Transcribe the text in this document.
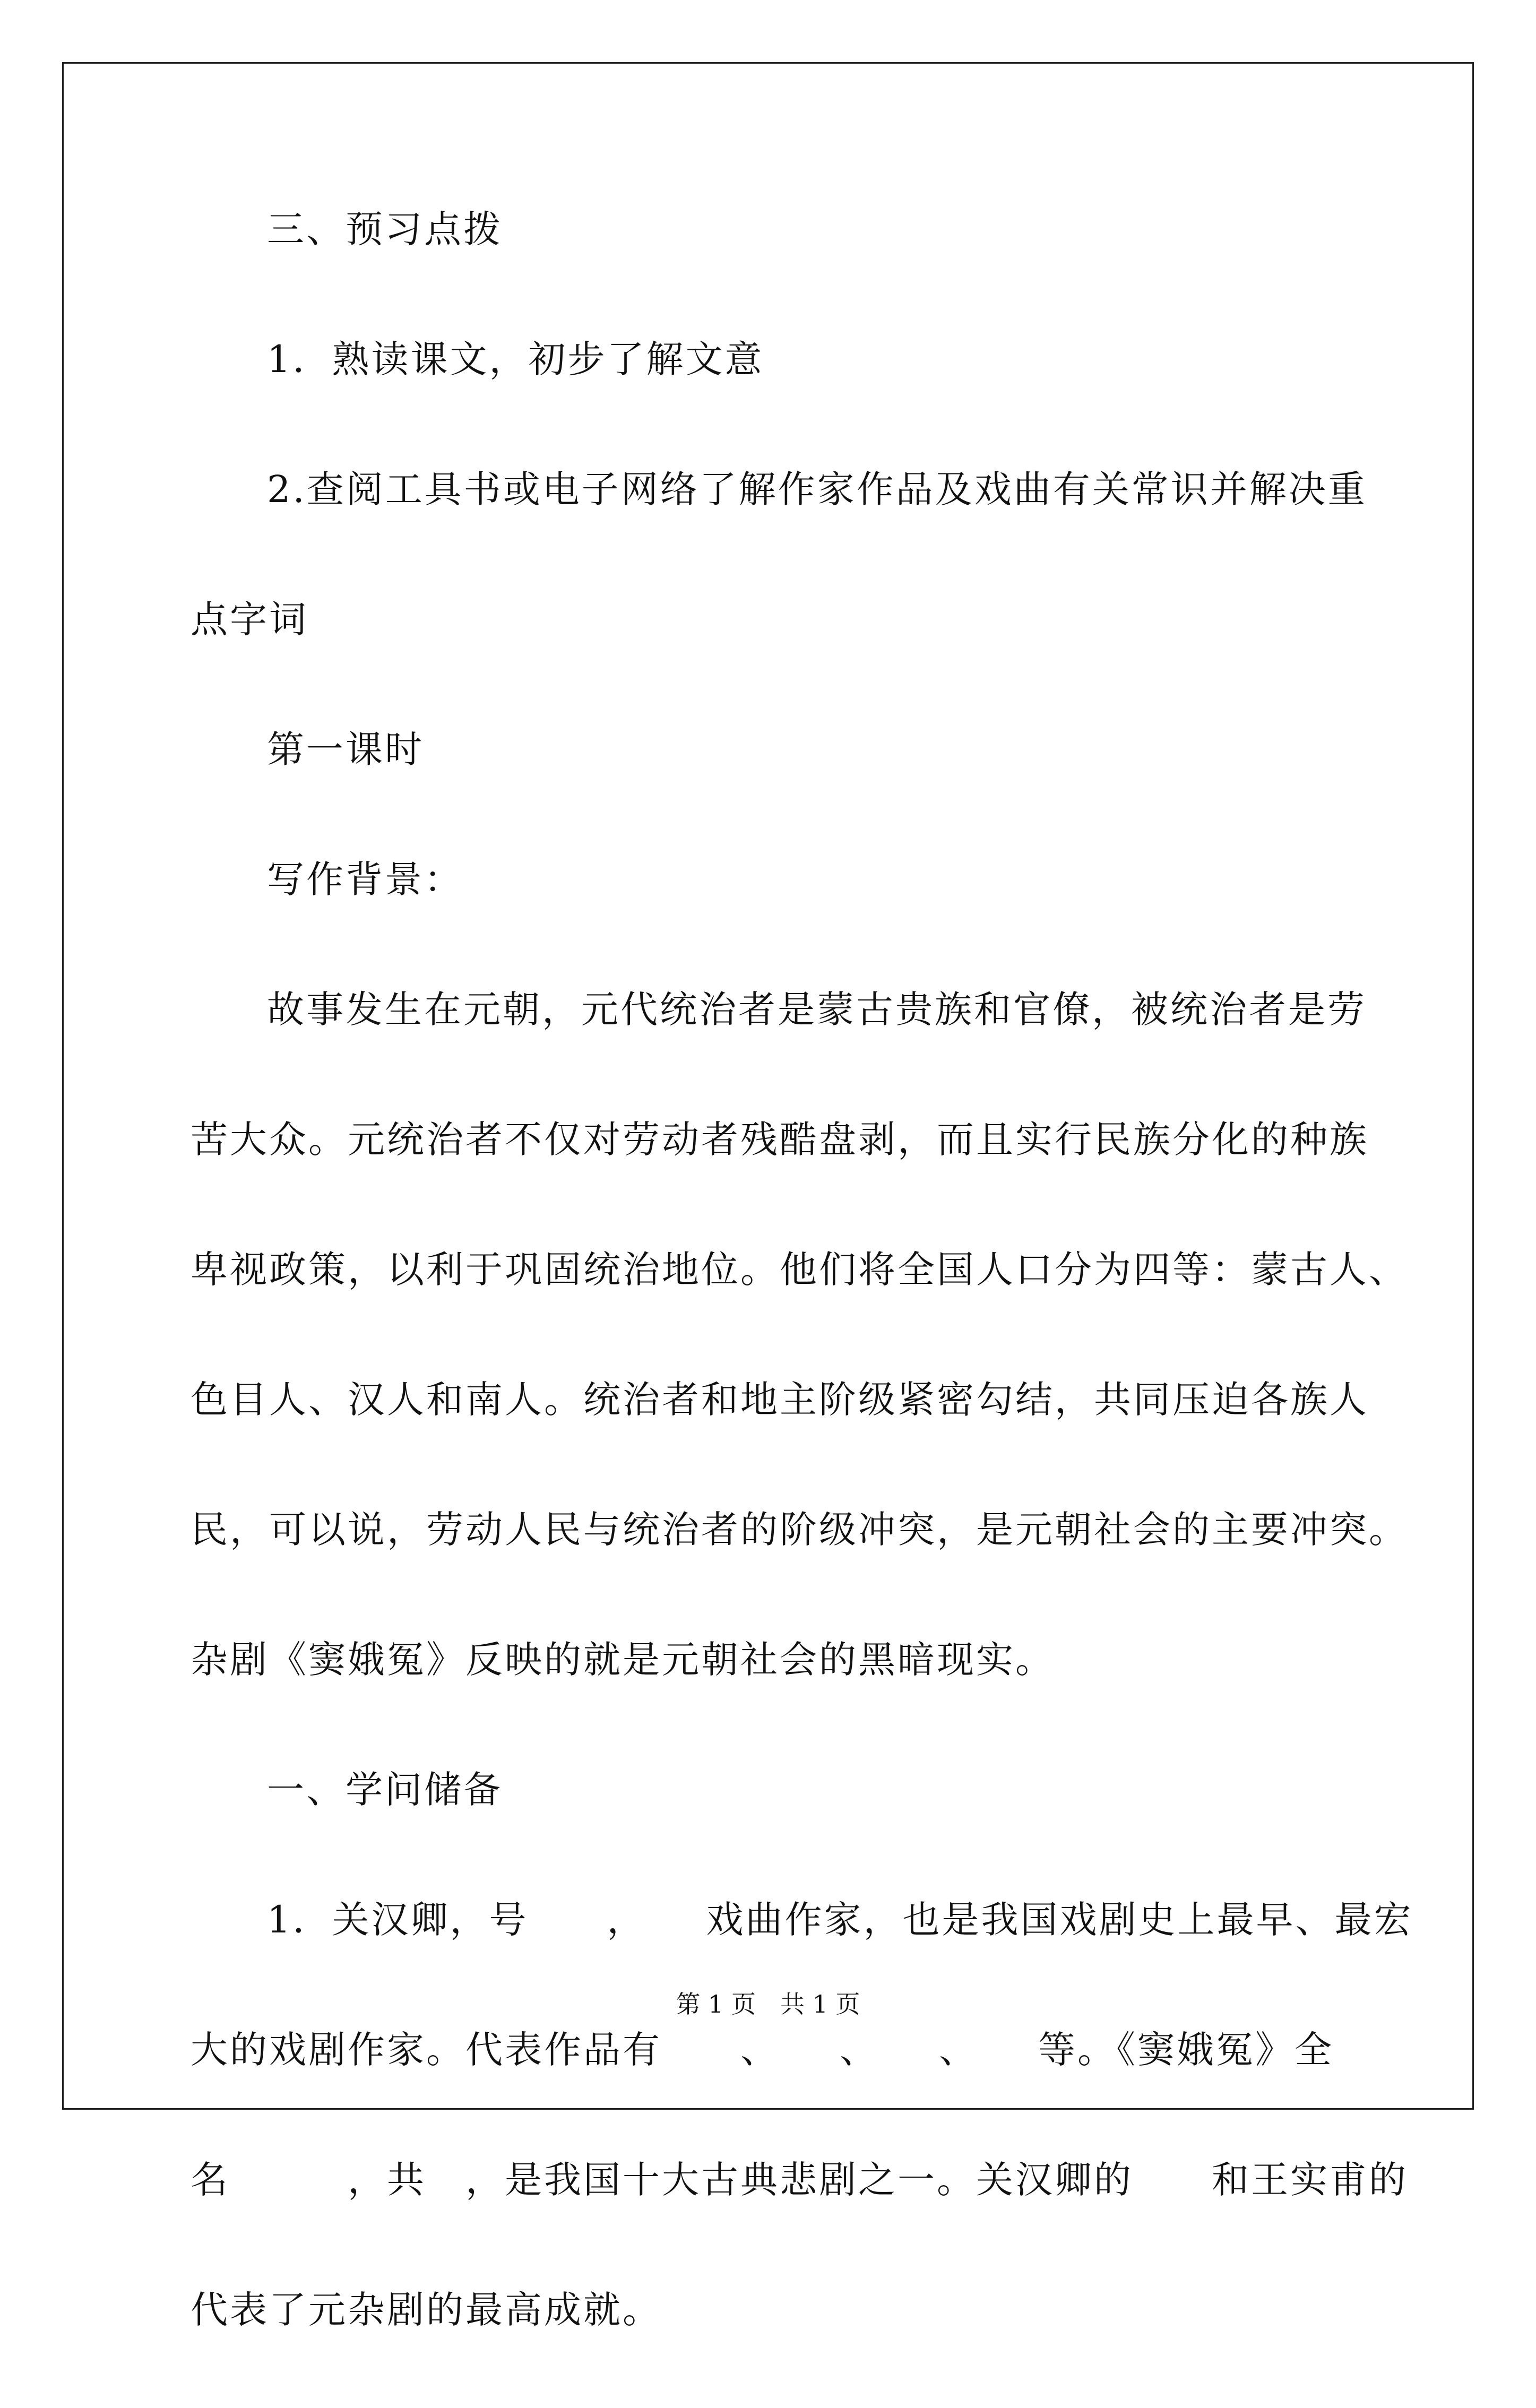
三、预习点拨
1．熟读课文，初步了解文意
2.查阅工具书或电子网络了解作家作品及戏曲有关常识并解决重
点字词
第一课时
写作背景：
故事发生在元朝，元代统治者是蒙古贵族和官僚，被统治者是劳
苦大众。元统治者不仅对劳动者残酷盘剥，而且实行民族分化的种族
卑视政策，以利于巩固统治地位。他们将全国人口分为四等：蒙古人、
色目人、汉人和南人。统治者和地主阶级紧密勾结，共同压迫各族人
民，可以说，劳动人民与统治者的阶级冲突，是元朝社会的主要冲突。
杂剧《窦娥冤》反映的就是元朝社会的黑暗现实。
一、学问储备
1．关汉卿，号　　，　　戏曲作家，也是我国戏剧史上最早、最宏
大的戏剧作家。代表作品有　　、　　、　　、　　等。《窦娥冤》全
名　　　，共　，是我国十大古典悲剧之一。关汉卿的　　和王实甫的
代表了元杂剧的最高成就。
第 1 页　共 1 页
